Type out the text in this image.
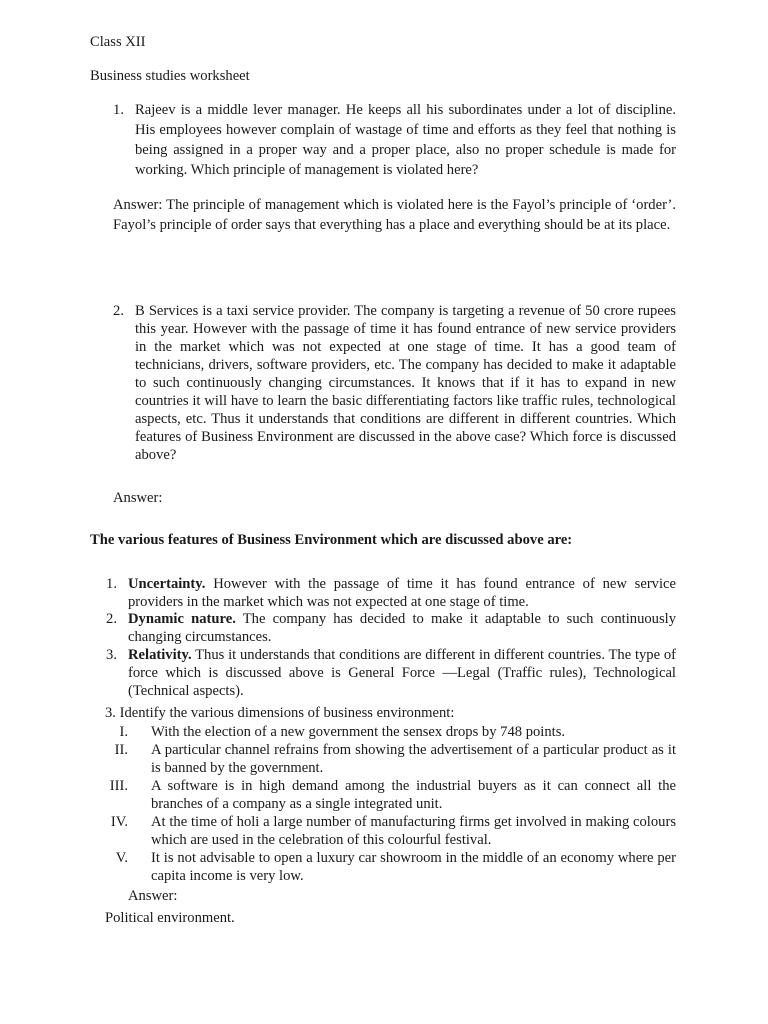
Class XII
Business studies worksheet
1. Rajeev is a middle lever manager. He keeps all his subordinates under a lot of discipline. His employees however complain of wastage of time and efforts as they feel that nothing is being assigned in a proper way and a proper place, also no proper schedule is made for working. Which principle of management is violated here?
Answer: The principle of management which is violated here is the Fayol’s principle of ‘order’. Fayol’s principle of order says that everything has a place and everything should be at its place.
2. B Services is a taxi service provider. The company is targeting a revenue of 50 crore rupees this year. However with the passage of time it has found entrance of new service providers in the market which was not expected at one stage of time. It has a good team of technicians, drivers, software providers, etc. The company has decided to make it adaptable to such continuously changing circumstances. It knows that if it has to expand in new countries it will have to learn the basic differentiating factors like traffic rules, technological aspects, etc. Thus it understands that conditions are different in different countries. Which features of Business Environment are discussed in the above case? Which force is discussed above?
Answer:
The various features of Business Environment which are discussed above are:
1. Uncertainty. However with the passage of time it has found entrance of new service providers in the market which was not expected at one stage of time.
2. Dynamic nature. The company has decided to make it adaptable to such continuously changing circumstances.
3. Relativity. Thus it understands that conditions are different in different countries. The type of force which is discussed above is General Force —Legal (Traffic rules), Technological (Technical aspects).
3. Identify the various dimensions of business environment:
I. With the election of a new government the sensex drops by 748 points.
II. A particular channel refrains from showing the advertisement of a particular product as it is banned by the government.
III. A software is in high demand among the industrial buyers as it can connect all the branches of a company as a single integrated unit.
IV. At the time of holi a large number of manufacturing firms get involved in making colours which are used in the celebration of this colourful festival.
V. It is not advisable to open a luxury car showroom in the middle of an economy where per capita income is very low.
Answer:
Political environment.
